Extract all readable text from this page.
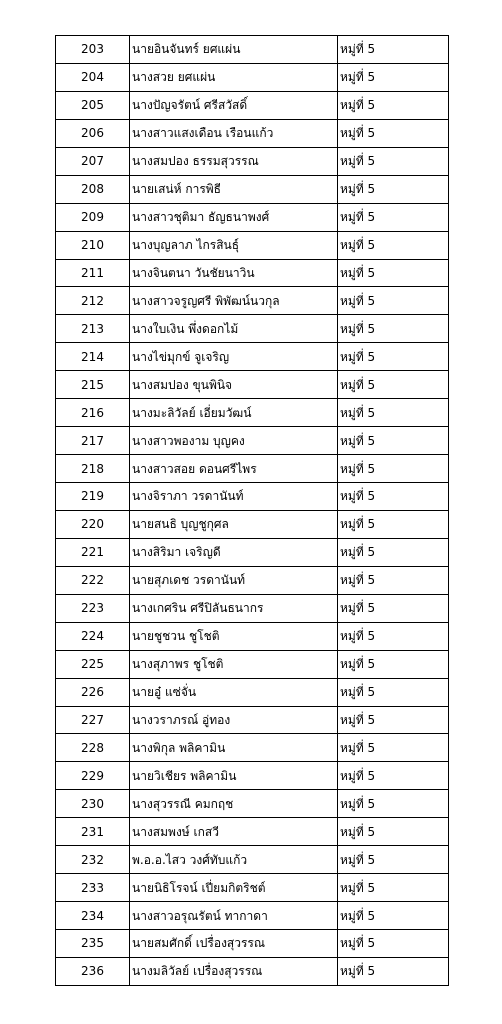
203	นายอินจันทร์ ยศแผ่น	หมู่ที่ 5
204	นางสวย ยศแผ่น	หมู่ที่ 5
205	นางปัญจรัตน์ ศรีสวัสดิ์	หมู่ที่ 5
206	นางสาวแสงเดือน เรือนแก้ว	หมู่ที่ 5
207	นางสมปอง ธรรมสุวรรณ	หมู่ที่ 5
208	นายเสน่ห์ การพิธี	หมู่ที่ 5
209	นางสาวชุติมา ธัญธนาพงศ์	หมู่ที่ 5
210	นางบุญลาภ ไกรสินธุ์	หมู่ที่ 5
211	นางจินตนา วันชัยนาวิน	หมู่ที่ 5
212	นางสาวจรูญศรี พิพัฒน์นวกุล	หมู่ที่ 5
213	นางใบเงิน พึ่งดอกไม้	หมู่ที่ 5
214	นางไข่มุกข์ จูเจริญ	หมู่ที่ 5
215	นางสมปอง ขุนพินิจ	หมู่ที่ 5
216	นางมะลิวัลย์ เอี่ยมวัฒน์	หมู่ที่ 5
217	นางสาวพองาม บุญคง	หมู่ที่ 5
218	นางสาวสอย ดอนศรีไพร	หมู่ที่ 5
219	นางจิราภา วรดานันท์	หมู่ที่ 5
220	นายสนธิ บุญชูกุศล	หมู่ที่ 5
221	นางสิริมา เจริญดี	หมู่ที่ 5
222	นายสุภเดช วรดานันท์	หมู่ที่ 5
223	นางเกศริน ศรีปิลันธนากร	หมู่ที่ 5
224	นายชูชวน ชูโชติ	หมู่ที่ 5
225	นางสุภาพร ชูโชติ	หมู่ที่ 5
226	นายอู๋ แซ่จั่น	หมู่ที่ 5
227	นางวราภรณ์ อู่ทอง	หมู่ที่ 5
228	นางพิกุล พลิคามิน	หมู่ที่ 5
229	นายวิเชียร พลิคามิน	หมู่ที่ 5
230	นางสุวรรณี คมกฤช	หมู่ที่ 5
231	นางสมพงษ์ เกสวี	หมู่ที่ 5
232	พ.อ.อ.ไสว วงศ์ทับแก้ว	หมู่ที่ 5
233	นายนิธิโรจน์ เปี่ยมกิตริชต์	หมู่ที่ 5
234	นางสาวอรุณรัตน์ ทากาดา	หมู่ที่ 5
235	นายสมศักดิ์ เปรื่องสุวรรณ	หมู่ที่ 5
236	นางมลิวัลย์ เปรื่องสุวรรณ	หมู่ที่ 5
